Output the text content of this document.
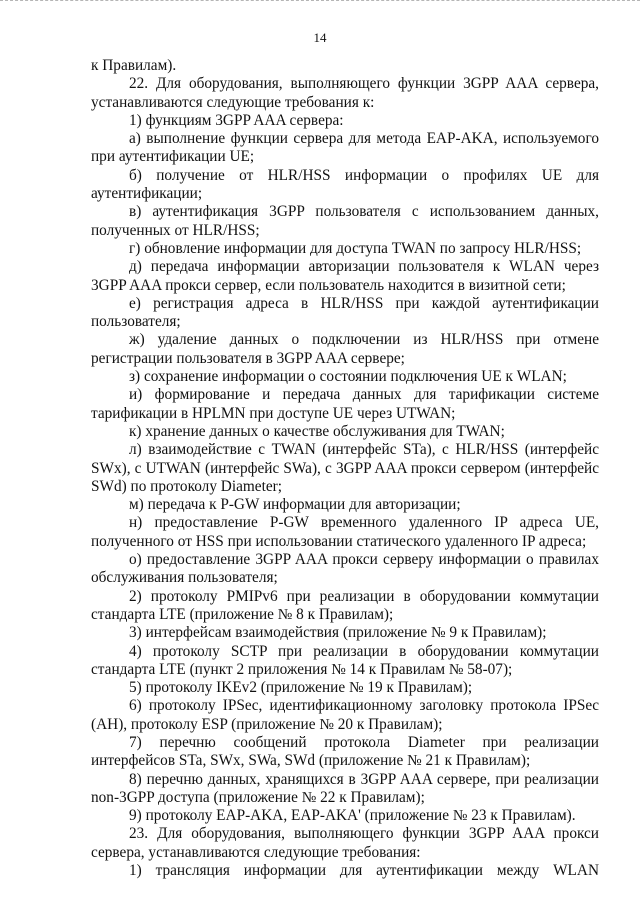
14

к Правилам).

22. Для оборудования, выполняющего функции 3GPP AAA сервера, устанавливаются следующие требования к:

1) функциям 3GPP AAA сервера:

а) выполнение функции сервера для метода EAP-AKA, используемого при аутентификации UE;

б) получение от HLR/HSS информации о профилях UE для аутентификации;

в) аутентификация 3GPP пользователя с использованием данных, полученных от HLR/HSS;

г) обновление информации для доступа TWAN по запросу HLR/HSS;

д) передача информации авторизации пользователя к WLAN через 3GPP AAA прокси сервер, если пользователь находится в визитной сети;

е) регистрация адреса в HLR/HSS при каждой аутентификации пользователя;

ж) удаление данных о подключении из HLR/HSS при отмене регистрации пользователя в 3GPP AAA сервере;

з) сохранение информации о состоянии подключения UE к WLAN;

и) формирование и передача данных для тарификации системе тарификации в HPLMN при доступе UE через UTWAN;

к) хранение данных о качестве обслуживания для TWAN;

л) взаимодействие с TWAN (интерфейс STa), с HLR/HSS (интерфейс SWx), с UTWAN (интерфейс SWa), с 3GPP AAA прокси сервером (интерфейс SWd) по протоколу Diameter;

м) передача к P-GW информации для авторизации;

н) предоставление P-GW временного удаленного IP адреса UE, полученного от HSS при использовании статического удаленного IP адреса;

о) предоставление 3GPP AAA прокси серверу информации о правилах обслуживания пользователя;

2) протоколу PMIPv6 при реализации в оборудовании коммутации стандарта LTE (приложение № 8 к Правилам);

3) интерфейсам взаимодействия (приложение № 9 к Правилам);

4) протоколу SCTP при реализации в оборудовании коммутации стандарта LTE (пункт 2 приложения № 14 к Правилам № 58-07);

5) протоколу IKEv2 (приложение № 19 к Правилам);

6) протоколу IPSec, идентификационному заголовку протокола IPSec (AH), протоколу ESP (приложение № 20 к Правилам);

7) перечню сообщений протокола Diameter при реализации интерфейсов STa, SWx, SWa, SWd (приложение № 21 к Правилам);

8) перечню данных, хранящихся в 3GPP AAA сервере, при реализации non-3GPP доступа (приложение № 22 к Правилам);

9) протоколу EAP-AKA, EAP-AKA' (приложение № 23 к Правилам).

23. Для оборудования, выполняющего функции 3GPP AAA прокси сервера, устанавливаются следующие требования:

1) трансляция информации для аутентификации между WLAN
